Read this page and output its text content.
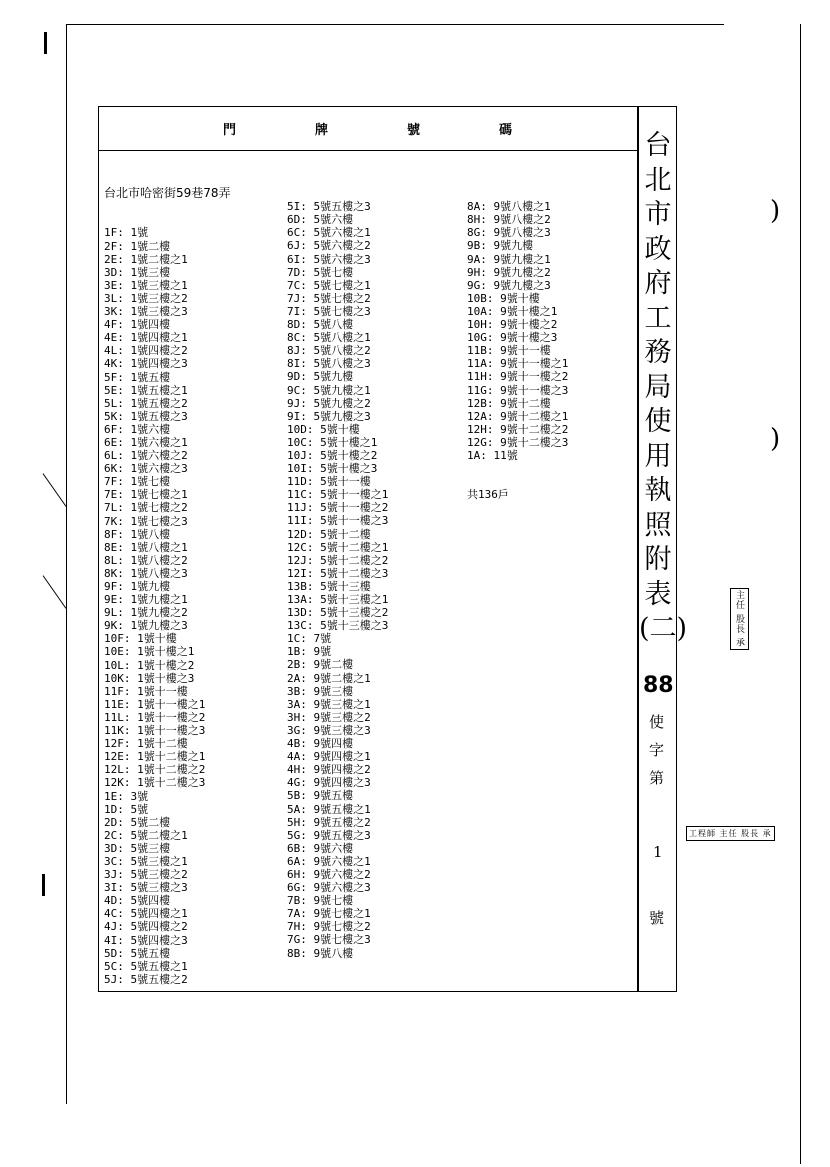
)
)
門	牌	號	碼

台北市哈密街59巷78弄

1F: 1號
2F: 1號二樓
2E: 1號二樓之1
3D: 1號三樓
3E: 1號三樓之1
3L: 1號三樓之2
3K: 1號三樓之3
4F: 1號四樓
4E: 1號四樓之1
4L: 1號四樓之2
4K: 1號四樓之3
5F: 1號五樓
5E: 1號五樓之1
5L: 1號五樓之2
5K: 1號五樓之3
6F: 1號六樓
6E: 1號六樓之1
6L: 1號六樓之2
6K: 1號六樓之3
7F: 1號七樓
7E: 1號七樓之1
7L: 1號七樓之2
7K: 1號七樓之3
8F: 1號八樓
8E: 1號八樓之1
8L: 1號八樓之2
8K: 1號八樓之3
9F: 1號九樓
9E: 1號九樓之1
9L: 1號九樓之2
9K: 1號九樓之3
10F: 1號十樓
10E: 1號十樓之1
10L: 1號十樓之2
10K: 1號十樓之3
11F: 1號十一樓
11E: 1號十一樓之1
11L: 1號十一樓之2
11K: 1號十一樓之3
12F: 1號十二樓
12E: 1號十二樓之1
12L: 1號十二樓之2
12K: 1號十二樓之3
1E: 3號
1D: 5號
2D: 5號二樓
2C: 5號二樓之1
3D: 5號三樓
3C: 5號三樓之1
3J: 5號三樓之2
3I: 5號三樓之3
4D: 5號四樓
4C: 5號四樓之1
4J: 5號四樓之2
4I: 5號四樓之3
5D: 5號五樓
5C: 5號五樓之1
5J: 5號五樓之2

5I: 5號五樓之3
6D: 5號六樓
6C: 5號六樓之1
6J: 5號六樓之2
6I: 5號六樓之3
7D: 5號七樓
7C: 5號七樓之1
7J: 5號七樓之2
7I: 5號七樓之3
8D: 5號八樓
8C: 5號八樓之1
8J: 5號八樓之2
8I: 5號八樓之3
9D: 5號九樓
9C: 5號九樓之1
9J: 5號九樓之2
9I: 5號九樓之3
10D: 5號十樓
10C: 5號十樓之1
10J: 5號十樓之2
10I: 5號十樓之3
11D: 5號十一樓
11C: 5號十一樓之1
11J: 5號十一樓之2
11I: 5號十一樓之3
12D: 5號十二樓
12C: 5號十二樓之1
12J: 5號十二樓之2
12I: 5號十二樓之3
13B: 5號十三樓
13A: 5號十三樓之1
13D: 5號十三樓之2
13C: 5號十三樓之3
1C: 7號
1B: 9號
2B: 9號二樓
2A: 9號二樓之1
3B: 9號三樓
3A: 9號三樓之1
3H: 9號三樓之2
3G: 9號三樓之3
4B: 9號四樓
4A: 9號四樓之1
4H: 9號四樓之2
4G: 9號四樓之3
5B: 9號五樓
5A: 9號五樓之1
5H: 9號五樓之2
5G: 9號五樓之3
6B: 9號六樓
6A: 9號六樓之1
6H: 9號六樓之2
6G: 9號六樓之3
7B: 9號七樓
7A: 9號七樓之1
7H: 9號七樓之2
7G: 9號七樓之3
8B: 9號八樓

8A: 9號八樓之1
8H: 9號八樓之2
8G: 9號八樓之3
9B: 9號九樓
9A: 9號九樓之1
9H: 9號九樓之2
9G: 9號九樓之3
10B: 9號十樓
10A: 9號十樓之1
10H: 9號十樓之2
10G: 9號十樓之3
11B: 9號十一樓
11A: 9號十一樓之1
11H: 9號十一樓之2
11G: 9號十一樓之3
12B: 9號十二樓
12A: 9號十二樓之1
12H: 9號十二樓之2
12G: 9號十二樓之3
1A: 11號

共136戶

台
北
市
政
府
工
務
局
使
用
執
照
附
表
(二)
88
使
字
第
1
號
主任 股長 承
工程師 主任 股長 承
